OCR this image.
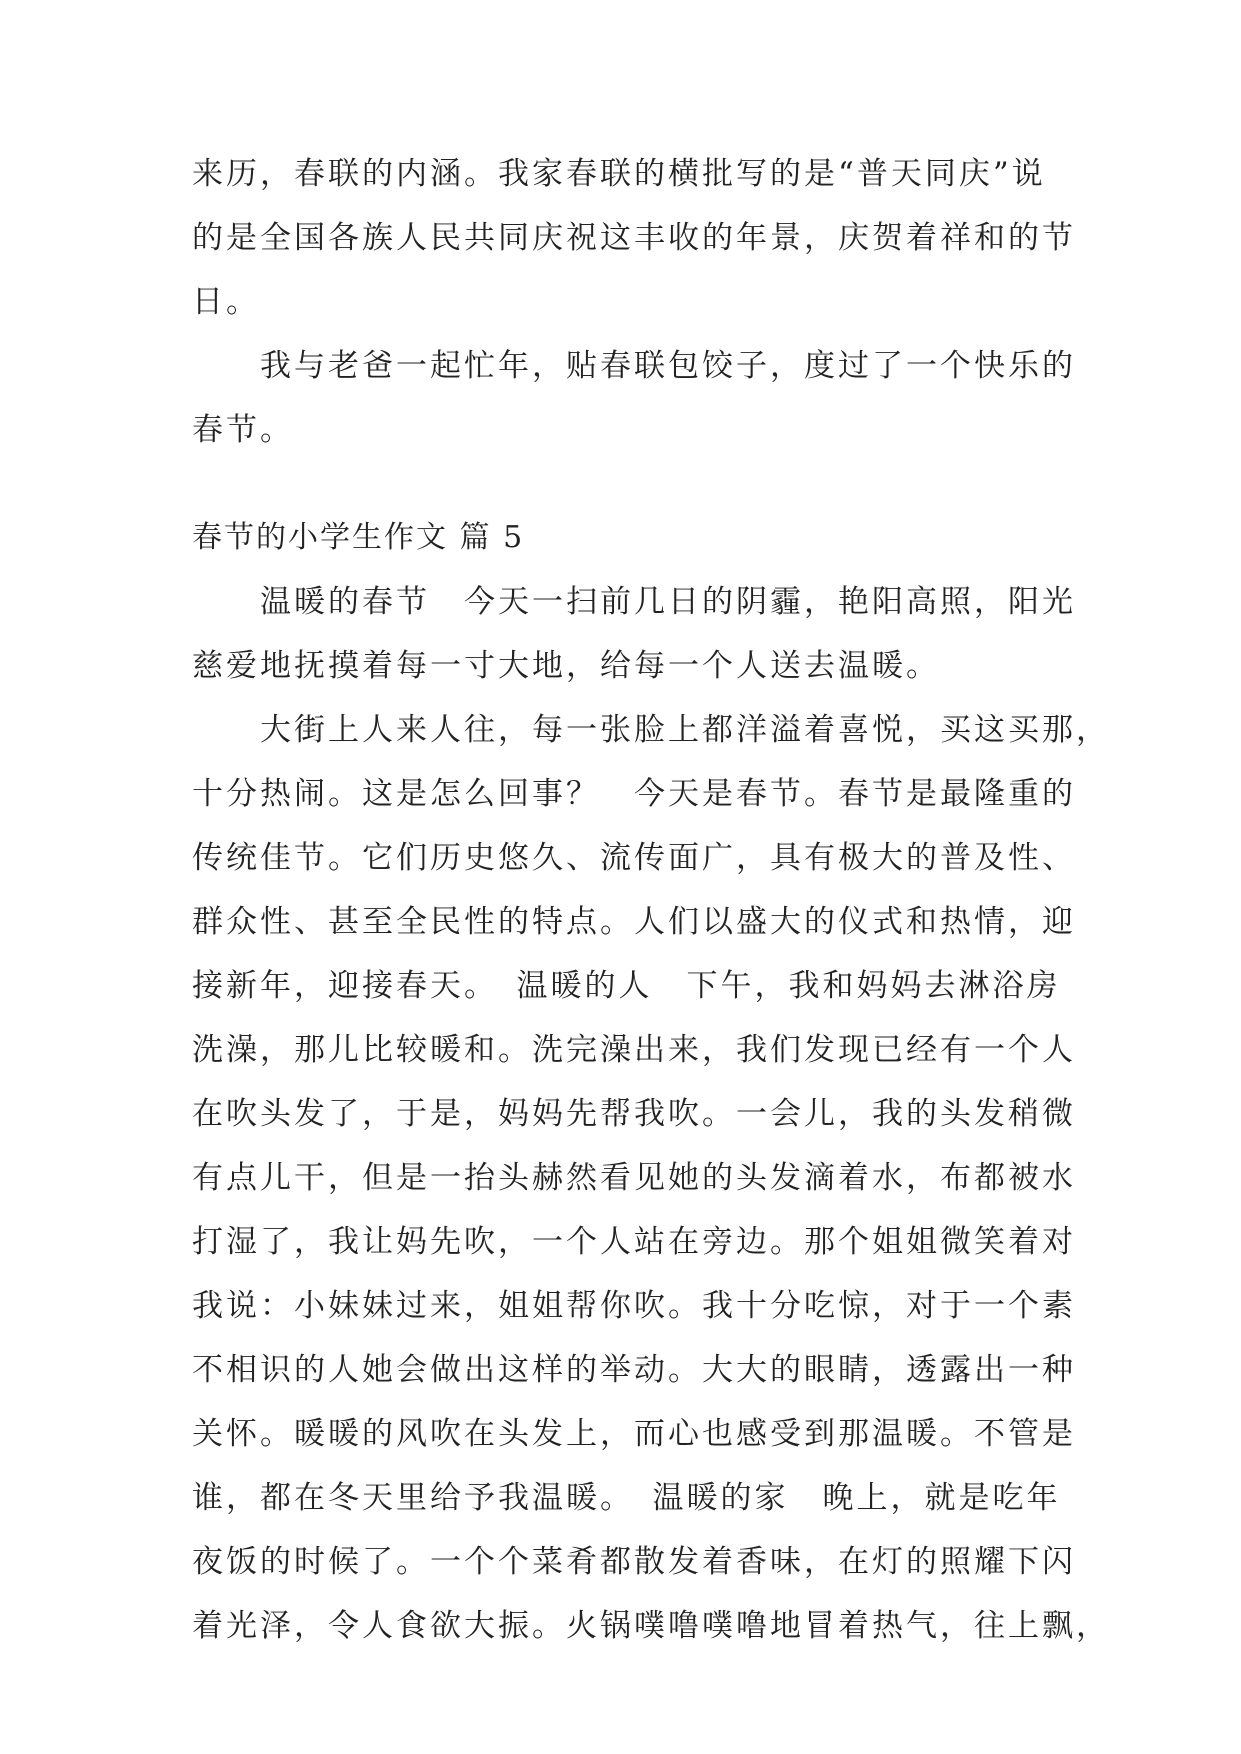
来历，春联的内涵。我家春联的横批写的是“普天同庆”说
的是全国各族人民共同庆祝这丰收的年景，庆贺着祥和的节
日。
　　我与老爸一起忙年，贴春联包饺子，度过了一个快乐的
春节。
春节的小学生作文 篇 5
　　温暖的春节　今天一扫前几日的阴霾，艳阳高照，阳光
慈爱地抚摸着每一寸大地，给每一个人送去温暖。
　　大街上人来人往，每一张脸上都洋溢着喜悦，买这买那，
十分热闹。这是怎么回事？　今天是春节。春节是最隆重的
传统佳节。它们历史悠久、流传面广，具有极大的普及性、
群众性、甚至全民性的特点。人们以盛大的仪式和热情，迎
接新年，迎接春天。　温暖的人　下午，我和妈妈去淋浴房
洗澡，那儿比较暖和。洗完澡出来，我们发现已经有一个人
在吹头发了，于是，妈妈先帮我吹。一会儿，我的头发稍微
有点儿干，但是一抬头赫然看见她的头发滴着水，布都被水
打湿了，我让妈先吹，一个人站在旁边。那个姐姐微笑着对
我说：小妹妹过来，姐姐帮你吹。我十分吃惊，对于一个素
不相识的人她会做出这样的举动。大大的眼睛，透露出一种
关怀。暖暖的风吹在头发上，而心也感受到那温暖。不管是
谁，都在冬天里给予我温暖。　温暖的家　晚上，就是吃年
夜饭的时候了。一个个菜肴都散发着香味，在灯的照耀下闪
着光泽，令人食欲大振。火锅噗噜噗噜地冒着热气，往上飘，
